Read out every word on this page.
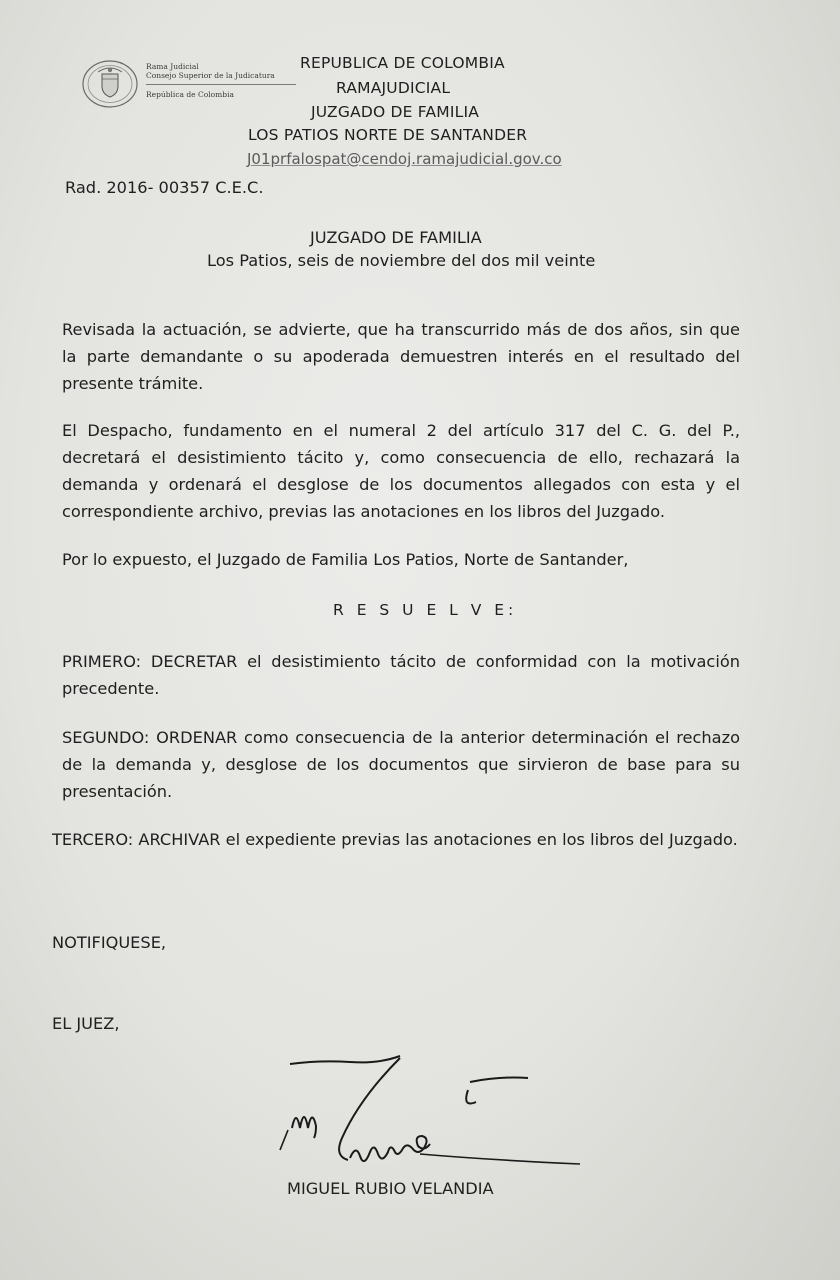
Rama Judicial
Consejo Superior de la Judicatura
República de Colombia
REPUBLICA DE COLOMBIA
RAMAJUDICIAL
JUZGADO DE FAMILIA
LOS PATIOS NORTE DE SANTANDER
J01prfalospat@cendoj.ramajudicial.gov.co
Rad. 2016- 00357 C.E.C.
JUZGADO DE FAMILIA
Los Patios, seis de noviembre del dos mil veinte
Revisada la actuación, se advierte, que ha transcurrido más de dos años, sin que la parte demandante o su apoderada demuestren interés en el resultado del presente trámite.
El Despacho, fundamento en el numeral 2 del artículo 317 del C. G. del P., decretará el desistimiento tácito y, como consecuencia de ello, rechazará la demanda y ordenará el desglose de los documentos allegados con esta y el correspondiente archivo, previas las anotaciones en los libros del Juzgado.
Por lo expuesto, el Juzgado de Familia Los Patios, Norte de Santander,
R E S U E L V E:
PRIMERO: DECRETAR el desistimiento tácito de conformidad con la motivación precedente.
SEGUNDO: ORDENAR como consecuencia de la anterior determinación el rechazo de la demanda y, desglose de los documentos que sirvieron de base para su presentación.
TERCERO: ARCHIVAR el expediente previas las anotaciones en los libros del Juzgado.
NOTIFIQUESE,
EL JUEZ,
MIGUEL RUBIO VELANDIA
